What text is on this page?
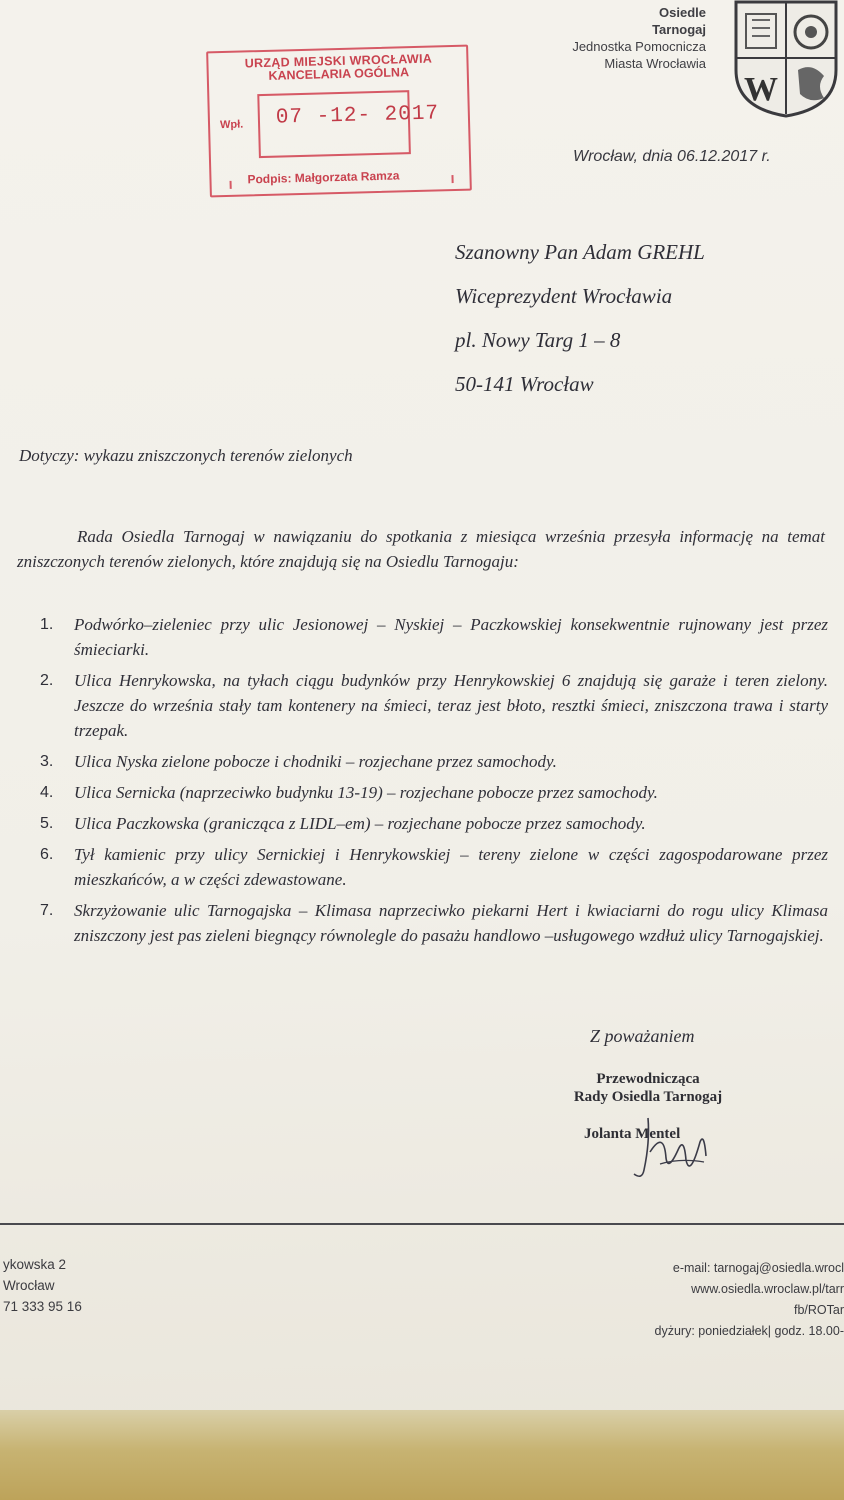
Osiedle
Tarnogaj
Jednostka Pomocnicza
Miasta Wrocławia
W
URZĄD MIEJSKI WROCŁAWIA
KANCELARIA OGÓLNA
Wpł. 07 -12- 2017
Podpis: Małgorzata Ramza
Wrocław, dnia 06.12.2017 r.
Szanowny Pan Adam GREHL
Wiceprezydent Wrocławia
pl. Nowy Targ 1 – 8
50-141 Wrocław
Dotyczy: wykazu zniszczonych terenów zielonych
Rada Osiedla Tarnogaj w nawiązaniu do spotkania z miesiąca września przesyła informację na temat zniszczonych terenów zielonych, które znajdują się na Osiedlu Tarnogaju:
1. Podwórko–zieleniec przy ulic Jesionowej – Nyskiej – Paczkowskiej konsekwentnie rujnowany jest przez śmieciarki.
2. Ulica Henrykowska, na tyłach ciągu budynków przy Henrykowskiej 6 znajdują się garaże i teren zielony. Jeszcze do września stały tam kontenery na śmieci, teraz jest błoto, resztki śmieci, zniszczona trawa i starty trzepak.
3. Ulica Nyska zielone pobocze i chodniki – rozjechane przez samochody.
4. Ulica Sernicka (naprzeciwko budynku 13-19) – rozjechane pobocze przez samochody.
5. Ulica Paczkowska (granicząca z LIDL–em) – rozjechane pobocze przez samochody.
6. Tył kamienic przy ulicy Sernickiej i Henrykowskiej – tereny zielone w części zagospodarowane przez mieszkańców, a w części zdewastowane.
7. Skrzyżowanie ulic Tarnogajska – Klimasa naprzeciwko piekarni Hert i kwiaciarni do rogu ulicy Klimasa zniszczony jest pas zieleni biegnący równolegle do pasażu handlowo –usługowego wzdłuż ulicy Tarnogajskiej.
Z poważaniem
Przewodnicząca
Rady Osiedla Tarnogaj
Jolanta Mentel
ykowska 2
Wrocław
71 333 95 16
e-mail: tarnogaj@osiedla.wrocl
www.osiedla.wroclaw.pl/tarr
fb/ROTar
dyżury: poniedziałek| godz. 18.00-
